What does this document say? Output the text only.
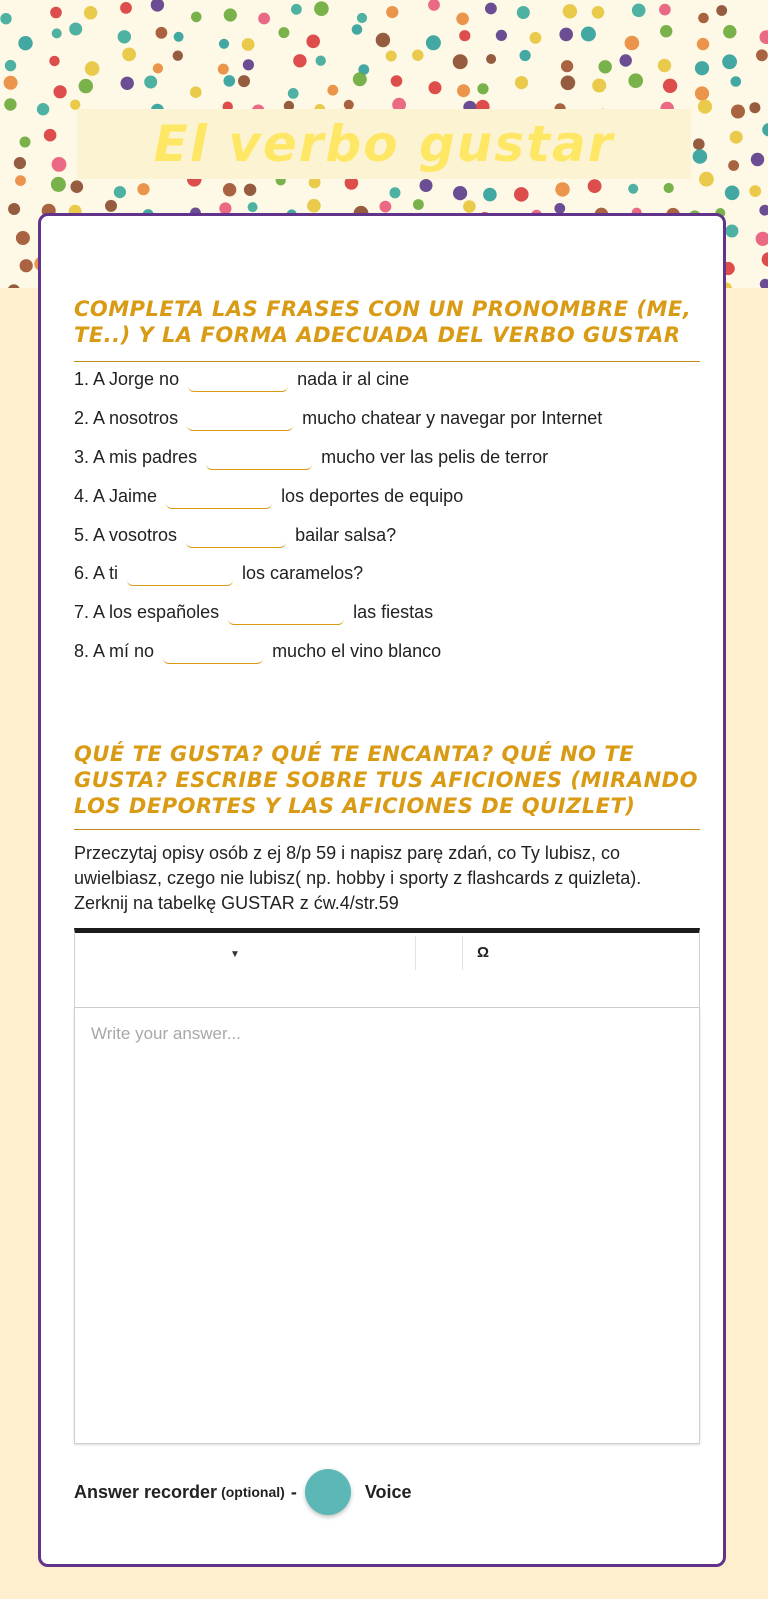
El verbo gustar
COMPLETA LAS FRASES CON UN PRONOMBRE (ME, TE..) Y LA FORMA ADECUADA DEL VERBO GUSTAR
1. A Jorge no	nada ir al cine
2. A nosotros	mucho chatear y navegar por Internet
3. A mis padres	mucho ver las pelis de terror
4. A Jaime	los deportes de equipo
5. A vosotros	bailar salsa?
6. A ti	los caramelos?
7. A los españoles	las fiestas
8. A mí no	mucho el vino blanco
QUÉ TE GUSTA? QUÉ TE ENCANTA? QUÉ NO TE GUSTA? ESCRIBE SOBRE TUS AFICIONES (MIRANDO LOS DEPORTES Y LAS AFICIONES DE QUIZLET)
Przeczytaj opisy osób z ej 8/p 59 i napisz parę zdań, co Ty lubisz, co uwielbiasz, czego nie lubisz( np. hobby i sporty z flashcards z quizleta). Zerknij na tabelkę GUSTAR z ćw.4/str.59
▼	Ω
Write your answer...
Answer recorder (optional) -	Voice
